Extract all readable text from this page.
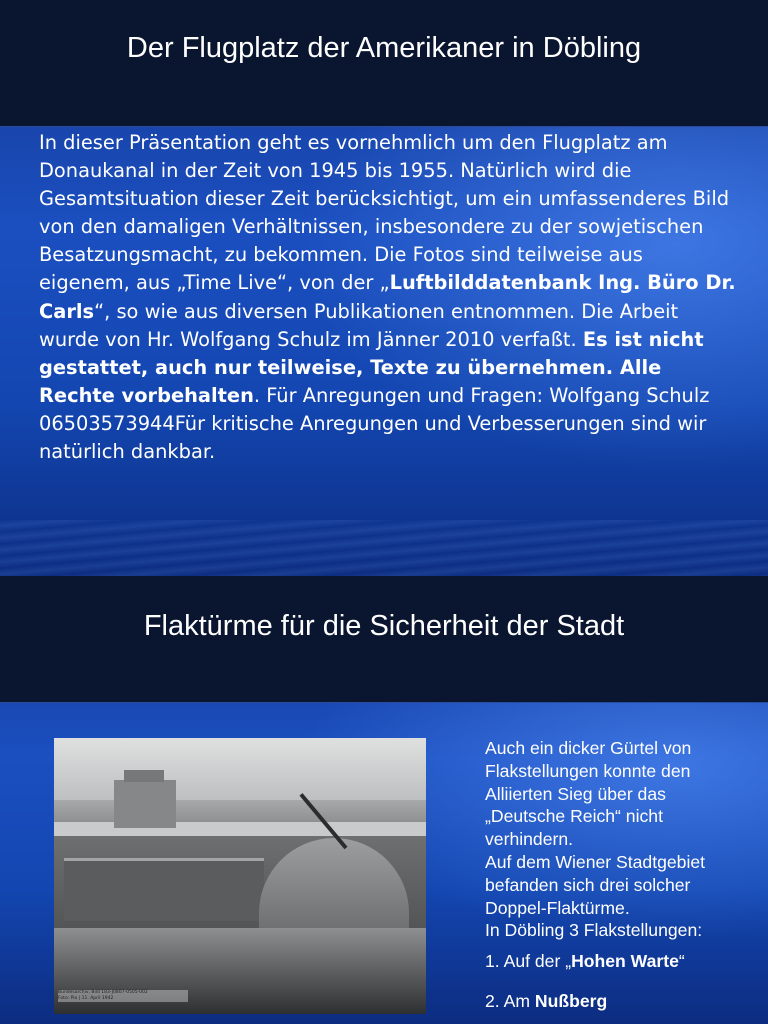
Der Flugplatz der Amerikaner in Döbling
In dieser Präsentation geht es vornehmlich um den Flugplatz am Donaukanal in der Zeit von 1945 bis 1955. Natürlich wird die Gesamtsituation dieser Zeit berücksichtigt, um ein umfassenderes Bild von den damaligen Verhältnissen, insbesondere zu der sowjetischen Besatzungsmacht, zu bekommen. Die Fotos sind teilweise aus eigenem, aus „Time Live“, von der „Luftbilddatenbank Ing. Büro Dr. Carls“, so wie aus diversen Publikationen entnommen. Die Arbeit wurde von Hr. Wolfgang Schulz im Jänner 2010 verfaßt. Es ist nicht gestattet, auch nur teilweise, Texte zu übernehmen. Alle Rechte vorbehalten. Für Anregungen und Fragen: Wolfgang Schulz 06503573944Für kritische Anregungen und Verbesserungen sind wir natürlich dankbar.
Flaktürme für die Sicherheit der Stadt
Bundesarchiv, Bild 183-J0807-0505-002
Foto: Pio | 11. April 1942
Auch ein dicker Gürtel von
Flakstellungen konnte den
Alliierten Sieg über das
„Deutsche Reich“ nicht
verhindern.
Auf dem Wiener Stadtgebiet
befanden sich drei solcher
Doppel-Flaktürme.
In Döbling 3 Flakstellungen:
1. Auf der „Hohen Warte“
2. Am Nußberg
